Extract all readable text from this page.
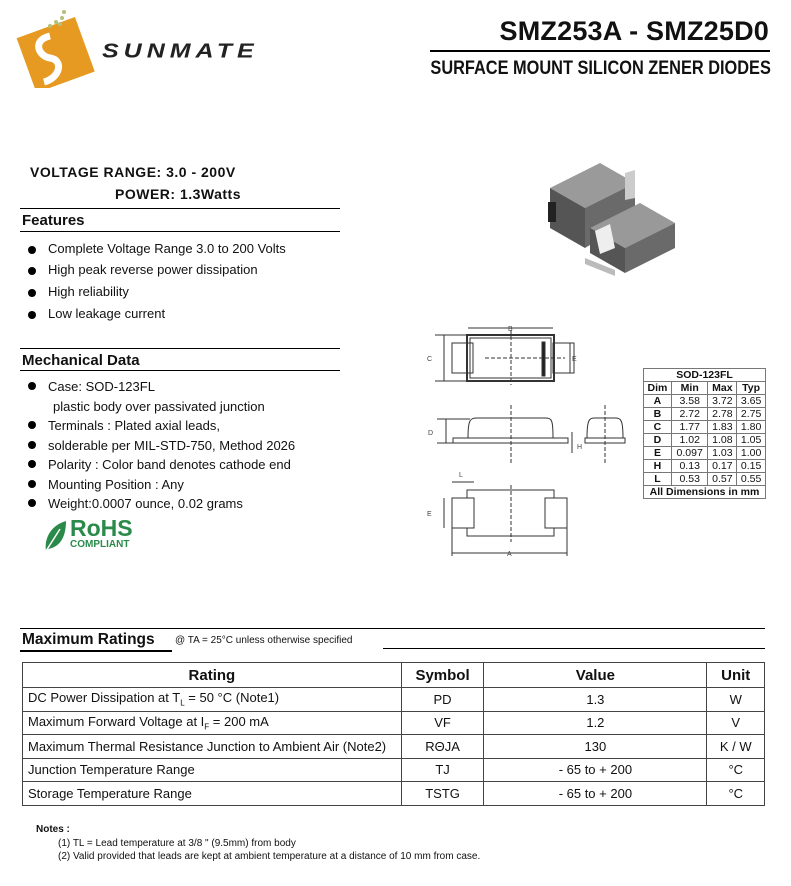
SUNMATE
SMZ253A - SMZ25D0
SURFACE MOUNT SILICON ZENER DIODES
VOLTAGE RANGE: 3.0 - 200V
POWER: 1.3Watts
Features
Complete Voltage Range 3.0 to 200 Volts
High peak reverse power dissipation
High reliability
Low leakage current
Mechanical Data
Case: SOD-123FL
plastic body over passivated junction
Terminals : Plated axial leads,
solderable per MIL-STD-750, Method 2026
Polarity : Color band denotes cathode end
Mounting Position : Any
Weight:0.0007 ounce, 0.02 grams
RoHS
COMPLIANT
B
C	E
D
H
L
E
A
SOD-123FL			
Dim	Min	Max	Typ
A	3.58	3.72	3.65
B	2.72	2.78	2.75
C	1.77	1.83	1.80
D	1.02	1.08	1.05
E	0.097	1.03	1.00
H	0.13	0.17	0.15
L	0.53	0.57	0.55
All Dimensions in mm			
Maximum Ratings @ TA = 25°C unless otherwise specified
Rating	Symbol	Value	Unit
DC Power Dissipation at $T_L = 50$ °C (Note1)	PD	1.3	W
Maximum Forward Voltage at $I_F = 200$ mA	VF	1.2	V
Maximum Thermal Resistance Junction to Ambient Air (Note2)	RΘJA	130	K / W
Junction Temperature Range	TJ	- 65 to + 200	°C
Storage Temperature Range	TSTG	- 65 to + 200	°C
Notes :
(1) TL = Lead temperature at 3/8 " (9.5mm) from body
(2) Valid provided that leads are kept at ambient temperature at a distance of 10 mm from case.
